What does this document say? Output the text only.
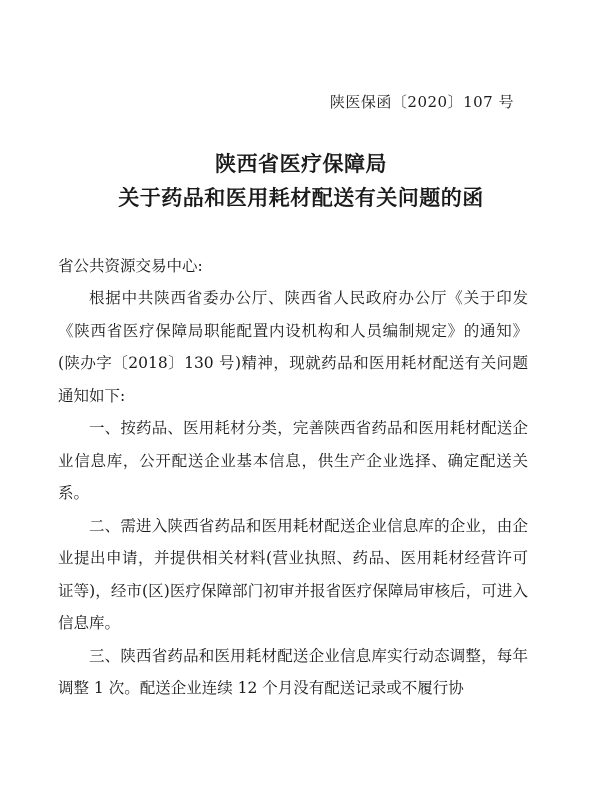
陕医保函〔2020〕107 号
陕西省医疗保障局
关于药品和医用耗材配送有关问题的函
省公共资源交易中心:

根据中共陕西省委办公厅、陕西省人民政府办公厅《关于印发《陕西省医疗保障局职能配置内设机构和人员编制规定》的通知》(陕办字〔2018〕130 号)精神，现就药品和医用耗材配送有关问题通知如下:

一、按药品、医用耗材分类，完善陕西省药品和医用耗材配送企业信息库，公开配送企业基本信息，供生产企业选择、确定配送关系。

二、需进入陕西省药品和医用耗材配送企业信息库的企业，由企业提出申请，并提供相关材料(营业执照、药品、医用耗材经营许可证等)，经市(区)医疗保障部门初审并报省医疗保障局审核后，可进入信息库。

三、陕西省药品和医用耗材配送企业信息库实行动态调整，每年调整 1 次。配送企业连续 12 个月没有配送记录或不履行协
